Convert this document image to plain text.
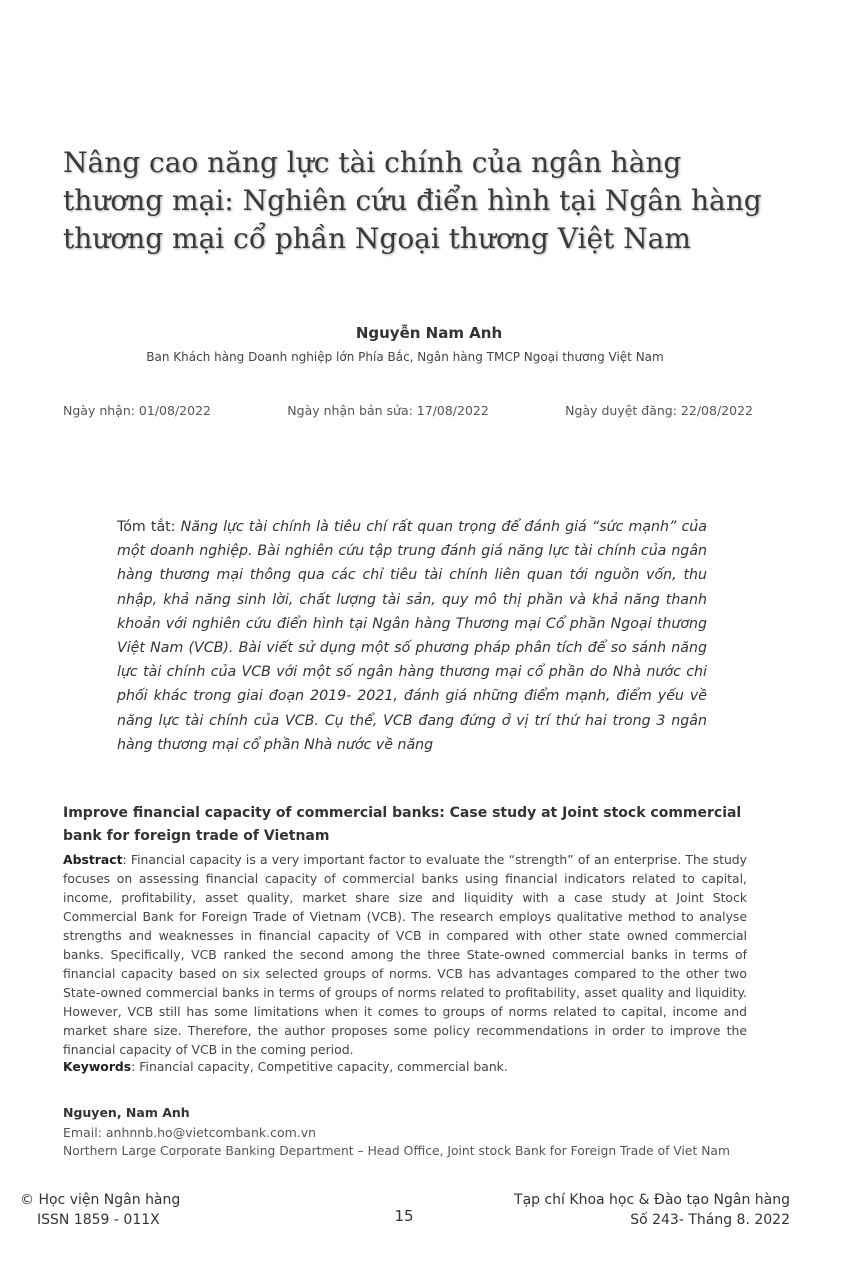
Nâng cao năng lực tài chính của ngân hàng thương mại: Nghiên cứu điển hình tại Ngân hàng thương mại cổ phần Ngoại thương Việt Nam
Nguyễn Nam Anh
Ban Khách hàng Doanh nghiệp lớn Phía Bắc, Ngân hàng TMCP Ngoại thương Việt Nam
Ngày nhận: 01/08/2022	Ngày nhận bản sửa: 17/08/2022	Ngày duyệt đăng: 22/08/2022
Tóm tắt: Năng lực tài chính là tiêu chí rất quan trọng để đánh giá “sức mạnh” của một doanh nghiệp. Bài nghiên cứu tập trung đánh giá năng lực tài chính của ngân hàng thương mại thông qua các chỉ tiêu tài chính liên quan tới nguồn vốn, thu nhập, khả năng sinh lời, chất lượng tài sản, quy mô thị phần và khả năng thanh khoản với nghiên cứu điển hình tại Ngân hàng Thương mại Cổ phần Ngoại thương Việt Nam (VCB). Bài viết sử dụng một số phương pháp phân tích để so sánh năng lực tài chính của VCB với một số ngân hàng thương mại cổ phần do Nhà nước chi phối khác trong giai đoạn 2019- 2021, đánh giá những điểm mạnh, điểm yếu về năng lực tài chính của VCB. Cụ thể, VCB đang đứng ở vị trí thứ hai trong 3 ngân hàng thương mại cổ phần Nhà nước về năng
Improve financial capacity of commercial banks: Case study at Joint stock commercial bank for foreign trade of Vietnam
Abstract: Financial capacity is a very important factor to evaluate the “strength” of an enterprise. The study focuses on assessing financial capacity of commercial banks using financial indicators related to capital, income, profitability, asset quality, market share size and liquidity with a case study at Joint Stock Commercial Bank for Foreign Trade of Vietnam (VCB). The research employs qualitative method to analyse strengths and weaknesses in financial capacity of VCB in compared with other state owned commercial banks. Specifically, VCB ranked the second among the three State-owned commercial banks in terms of financial capacity based on six selected groups of norms. VCB has advantages compared to the other two State-owned commercial banks in terms of groups of norms related to profitability, asset quality and liquidity. However, VCB still has some limitations when it comes to groups of norms related to capital, income and market share size. Therefore, the author proposes some policy recommendations in order to improve the financial capacity of VCB in the coming period.
Keywords: Financial capacity, Competitive capacity, commercial bank.
Nguyen, Nam Anh
Email: anhnnb.ho@vietcombank.com.vn
Northern Large Corporate Banking Department – Head Office, Joint stock Bank for Foreign Trade of Viet Nam
© Học viện Ngân hàng
ISSN 1859 - 011X	15
Tạp chí Khoa học & Đào tạo Ngân hàng
Số 243- Tháng 8. 2022
